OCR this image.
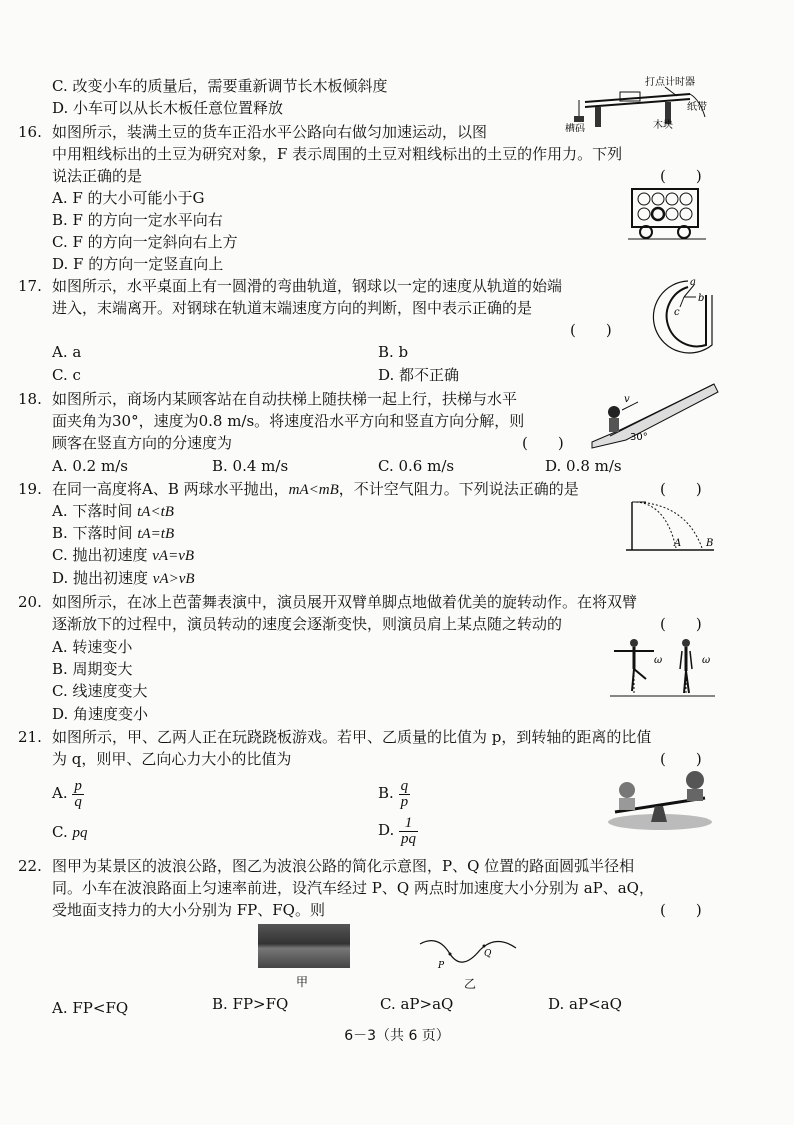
C. 改变小车的质量后，需要重新调节长木板倾斜度
D. 小车可以从长木板任意位置释放
打点计时器
槽码
纸带
木块
16. 如图所示，装满土豆的货车正沿水平公路向右做匀加速运动，以图
中用粗线标出的土豆为研究对象，F 表示周围的土豆对粗线标出的土豆的作用力。下列
说法正确的是	(　　)
A. F 的大小可能小于G
B. F 的方向一定水平向右
C. F 的方向一定斜向右上方
D. F 的方向一定竖直向上
17. 如图所示，水平桌面上有一圆滑的弯曲轨道，钢球以一定的速度从轨道的始端
进入，末端离开。对钢球在轨道末端速度方向的判断，图中表示正确的是
(　　)
A. a	B. b
C. c	D. 都不正确
a
b
c
18. 如图所示，商场内某顾客站在自动扶梯上随扶梯一起上行，扶梯与水平
面夹角为30°，速度为0.8 m/s。将速度沿水平方向和竖直方向分解，则
顾客在竖直方向的分速度为	(　　)
A. 0.2 m/s	B. 0.4 m/s	C. 0.6 m/s	D. 0.8 m/s
v
30°
19. 在同一高度将A、B 两球水平抛出，mA<mB，不计空气阻力。下列说法正确的是	(　　)
A. 下落时间 tA<tB
B. 下落时间 tA=tB
C. 抛出初速度 vA=vB
D. 抛出初速度 vA>vB
A B
20. 如图所示，在冰上芭蕾舞表演中，演员展开双臂单脚点地做着优美的旋转动作。在将双臂
逐渐放下的过程中，演员转动的速度会逐渐变快，则演员肩上某点随之转动的	(　　)
A. 转速变小
B. 周期变大
C. 线速度变大
D. 角速度变小
ω	ω
21. 如图所示，甲、乙两人正在玩跷跷板游戏。若甲、乙质量的比值为 p，到转轴的距离的比值
为 q，则甲、乙向心力大小的比值为	(　　)
A. $\frac{p}{q}$	B. $\frac{q}{p}$
C. pq	D. $\frac{1}{pq}$
22. 图甲为某景区的波浪公路，图乙为波浪公路的简化示意图，P、Q 位置的路面圆弧半径相
同。小车在波浪路面上匀速率前进，设汽车经过 P、Q 两点时加速度大小分别为 aP、aQ，
受地面支持力的大小分别为 FP、FQ。则	(　　)
甲
P
Q
乙
A. FP<FQ	B. FP>FQ	C. aP>aQ	D. aP<aQ
6－3（共 6 页）
